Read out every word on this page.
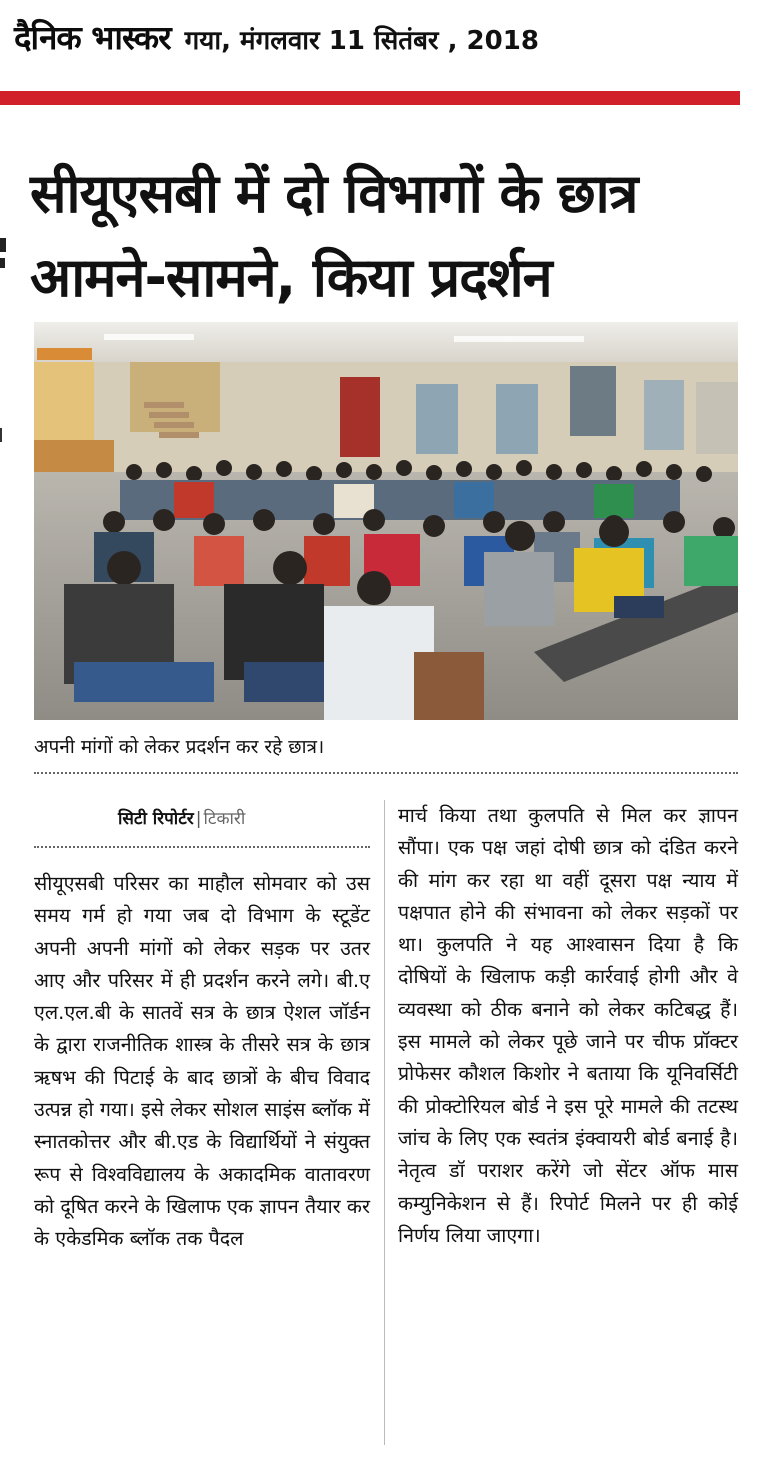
दैनिक भास्कर गया, मंगलवार 11 सितंबर , 2018
सीयूएसबी में दो विभागों के छात्र
आमने-सामने, किया प्रदर्शन
अपनी मांगों को लेकर प्रदर्शन कर रहे छात्र।
सिटी रिपोर्टर | टिकारी

सीयूएसबी परिसर का माहौल सोमवार को उस समय गर्म हो गया जब दो विभाग के स्टूडेंट अपनी अपनी मांगों को लेकर सड़क पर उतर आए और परिसर में ही प्रदर्शन करने लगे। बी.ए एल.एल.बी के सातवें सत्र के छात्र ऐशल जॉर्डन के द्वारा राजनीतिक शास्त्र के तीसरे सत्र के छात्र ऋषभ की पिटाई के बाद छात्रों के बीच विवाद उत्पन्न हो गया। इसे लेकर सोशल साइंस ब्लॉक में स्नातकोत्तर और बी.एड के विद्यार्थियों ने संयुक्त रूप से विश्वविद्यालय के अकादमिक वातावरण को दूषित करने के खिलाफ एक ज्ञापन तैयार कर के एकेडमिक ब्लॉक तक पैदल

मार्च किया तथा कुलपति से मिल कर ज्ञापन सौंपा। एक पक्ष जहां दोषी छात्र को दंडित करने की मांग कर रहा था वहीं दूसरा पक्ष न्याय में पक्षपात होने की संभावना को लेकर सड़कों पर था। कुलपति ने यह आश्वासन दिया है कि दोषियों के खिलाफ कड़ी कार्रवाई होगी और वे व्यवस्था को ठीक बनाने को लेकर कटिबद्ध हैं। इस मामले को लेकर पूछे जाने पर चीफ प्रॉक्टर प्रोफेसर कौशल किशोर ने बताया कि यूनिवर्सिटी की प्रोक्टोरियल बोर्ड ने इस पूरे मामले की तटस्थ जांच के लिए एक स्वतंत्र इंक्वायरी बोर्ड बनाई है। नेतृत्व डॉ पराशर करेंगे जो सेंटर ऑफ मास कम्युनिकेशन से हैं। रिपोर्ट मिलने पर ही कोई निर्णय लिया जाएगा।
